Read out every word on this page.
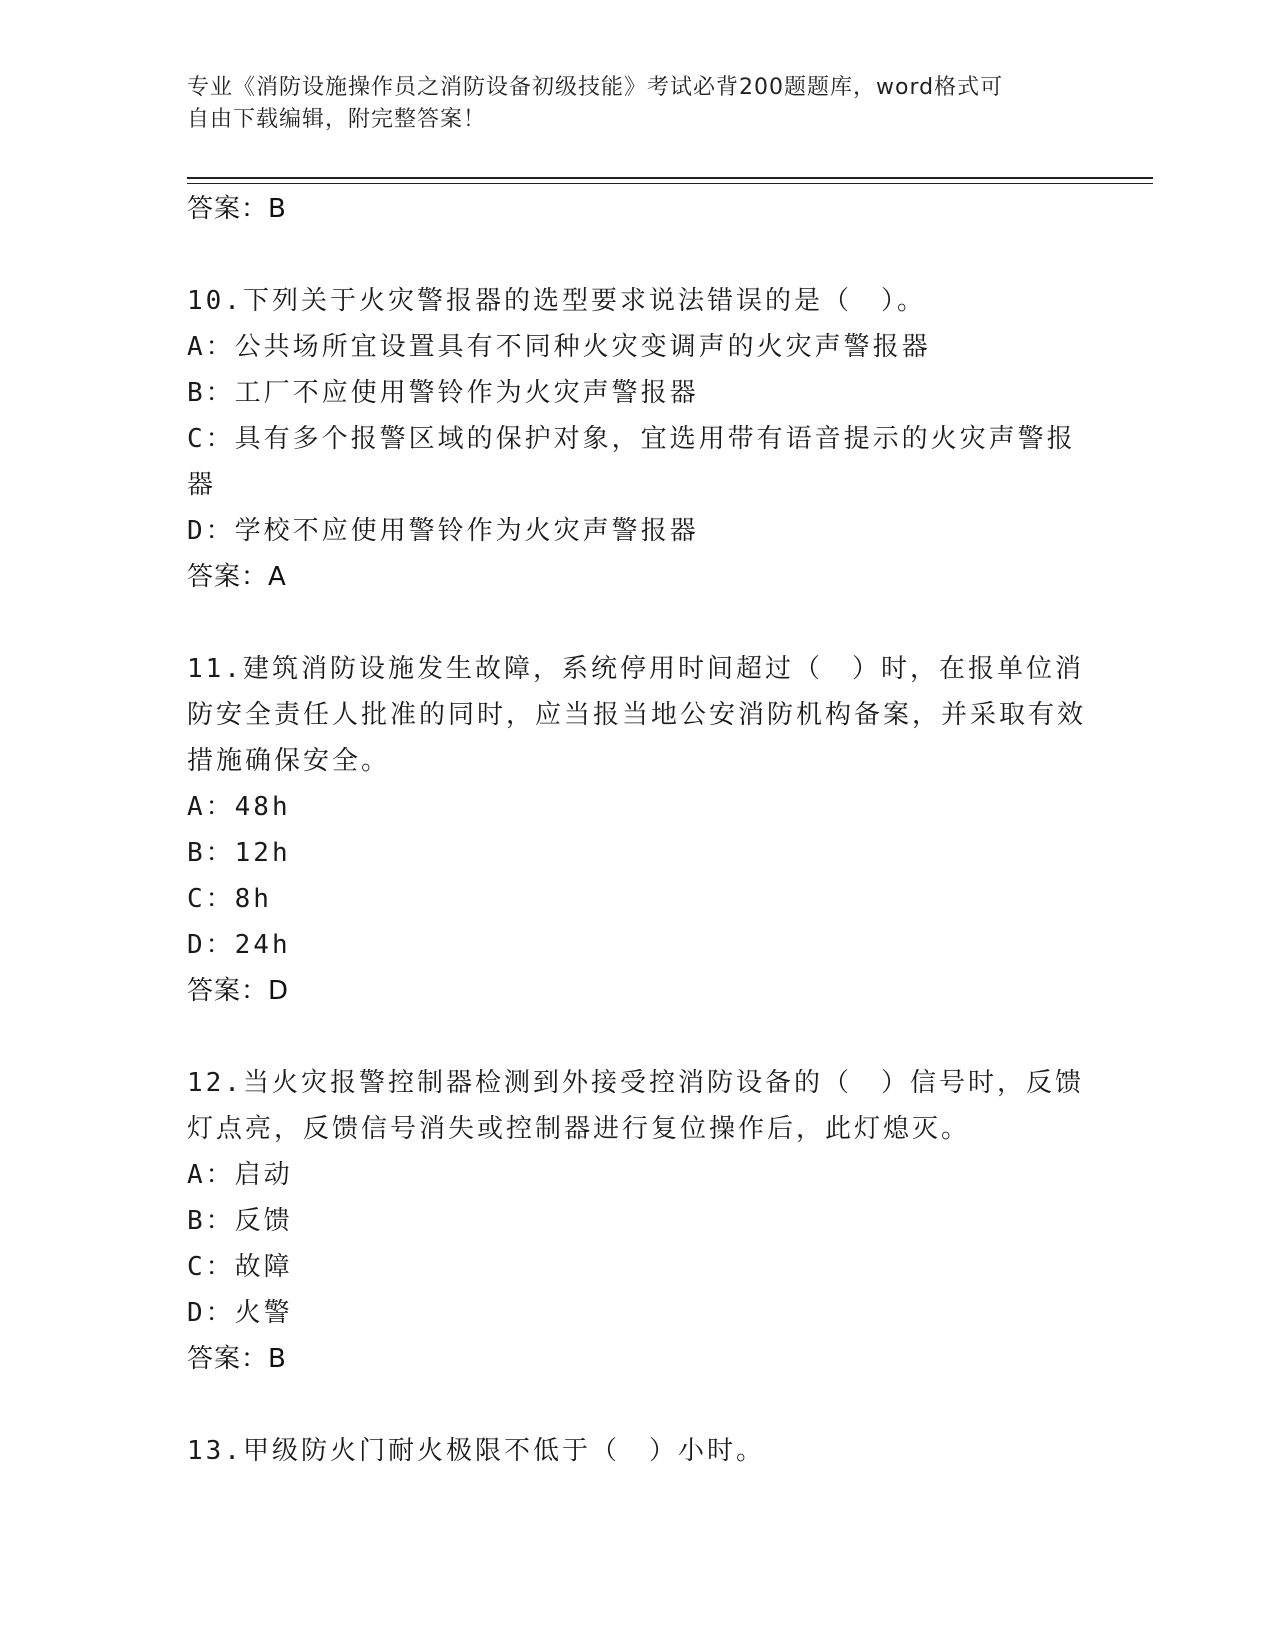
专业《消防设施操作员之消防设备初级技能》考试必背200题题库，word格式可
自由下载编辑，附完整答案！
答案：B
10.下列关于火灾警报器的选型要求说法错误的是（　）。
A：公共场所宜设置具有不同种火灾变调声的火灾声警报器
B：工厂不应使用警铃作为火灾声警报器
C：具有多个报警区域的保护对象，宜选用带有语音提示的火灾声警报器
D：学校不应使用警铃作为火灾声警报器
答案：A
11.建筑消防设施发生故障，系统停用时间超过（　）时，在报单位消防安全责任人批准的同时，应当报当地公安消防机构备案，并采取有效措施确保安全。
A：48h
B：12h
C：8h
D：24h
答案：D
12.当火灾报警控制器检测到外接受控消防设备的（　）信号时，反馈灯点亮，反馈信号消失或控制器进行复位操作后，此灯熄灭。
A：启动
B：反馈
C：故障
D：火警
答案：B
13.甲级防火门耐火极限不低于（　）小时。
